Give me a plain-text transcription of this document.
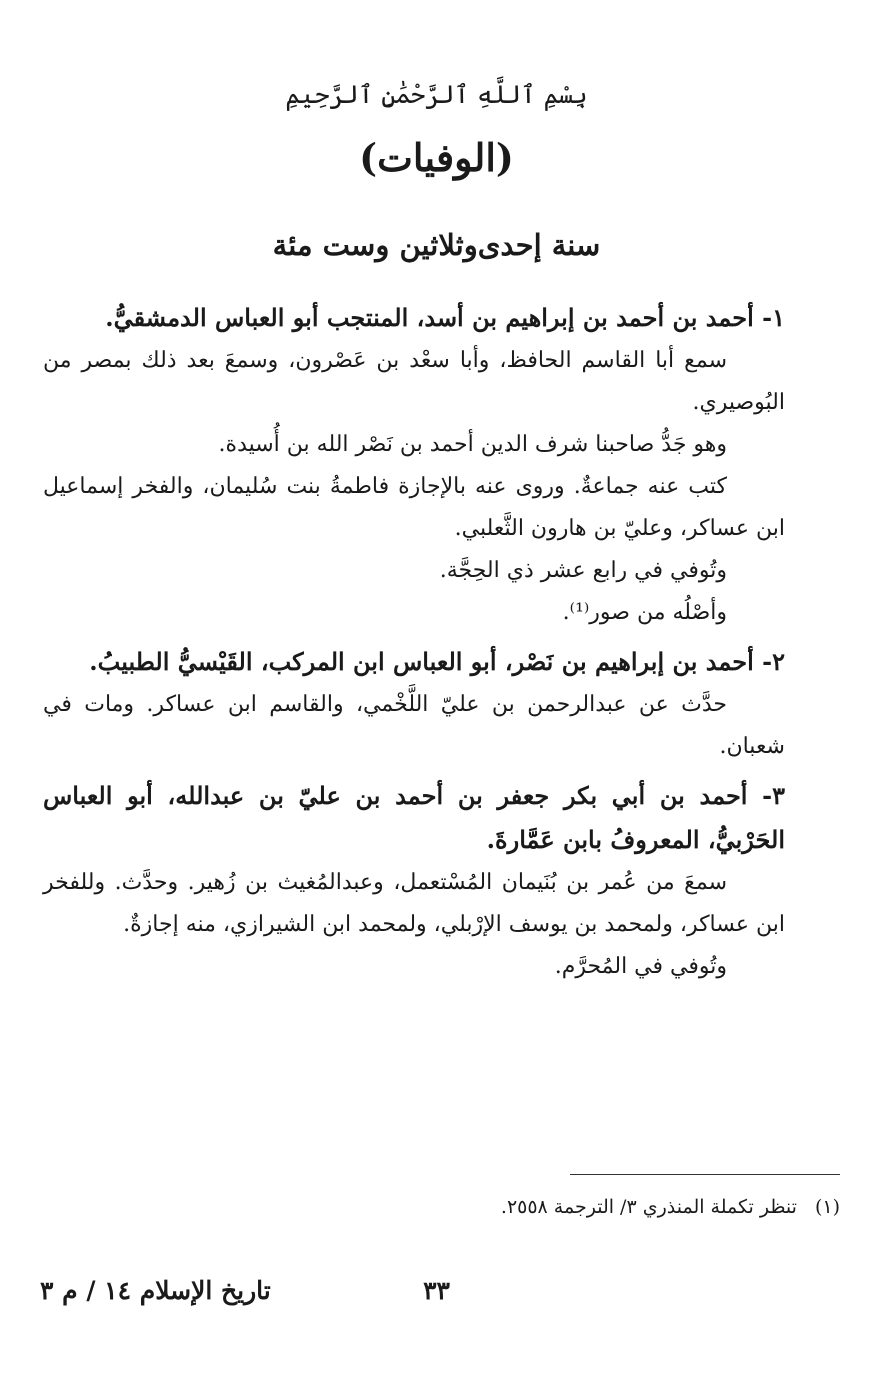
بِسْمِ ٱللَّهِ ٱلرَّحْمَٰنِ ٱلرَّحِيمِ
(الوفيات)
سنة إحدى‌وثلاثين وست مئة

١- أحمد بن أحمد بن إبراهيم بن أسد، المنتجب أبو العباس الدمشقيُّ.

سمع أبا القاسم الحافظ، وأبا سعْد بن عَصْرون، وسمعَ بعد ذلك بمصر من البُوصيري.

وهو جَدُّ صاحبنا شرف الدين أحمد بن نَصْر الله بن أُسيدة.

كتب عنه جماعةٌ. وروى عنه بالإجازة فاطمةُ بنت سُليمان، والفخر إسماعيل ابن عساكر، وعليّ بن هارون الثَّعلبي.

وتُوفي في رابع عشر ذي الحِجَّة.

وأصْلُه من صور⁽¹⁾.

٢- أحمد بن إبراهيم بن نَصْر، أبو العباس ابن المركب، القَيْسيُّ الطبيبُ.

حدَّث عن عبدالرحمن بن عليّ اللَّخْمي، والقاسم ابن عساكر. ومات في شعبان.

٣- أحمد بن أبي بكر جعفر بن أحمد بن عليّ بن عبدالله، أبو العباس الحَرْبيُّ، المعروفُ بابن عَمَّارةَ.

سمعَ من عُمر بن بُنَيمان المُسْتعمل، وعبدالمُغيث بن زُهير. وحدَّث. وللفخر ابن عساكر، ولمحمد بن يوسف الإرْبلي، ولمحمد ابن الشيرازي، منه إجازةٌ.

وتُوفي في المُحرَّم.

(١)تنظر تكملة المنذري ٣/ الترجمة ٢٥٥٨.
٣٣
تاريخ الإسلام ١٤ / م ٣
